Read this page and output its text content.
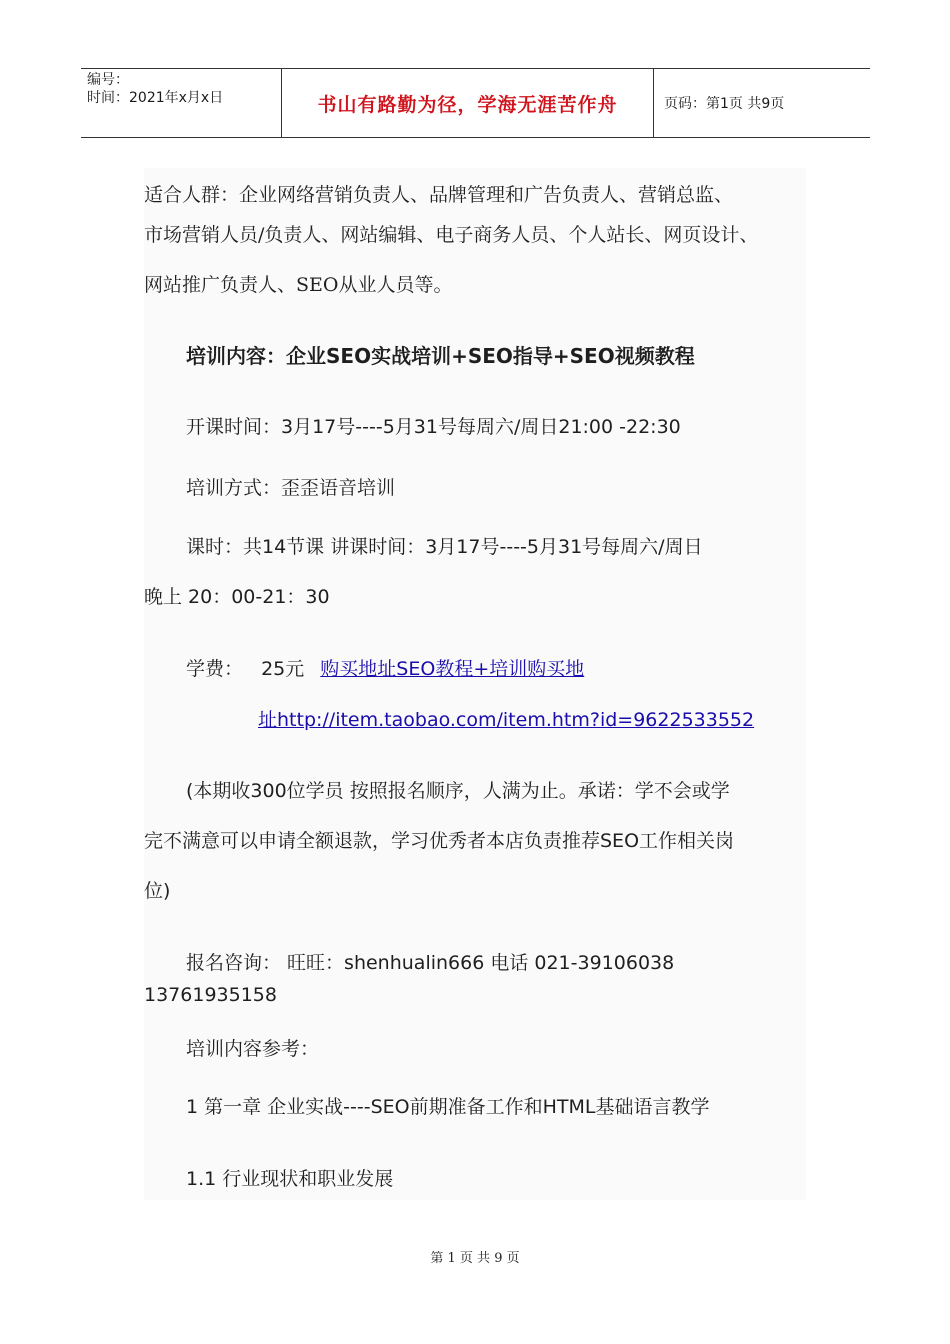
编号：
时间：2021年x月x日	书山有路勤为径，学海无涯苦作舟	页码：第1页 共9页
适合人群：企业网络营销负责人、品牌管理和广告负责人、营销总监、
市场营销人员/负责人、网站编辑、电子商务人员、个人站长、网页设计、
网站推广负责人、SEO从业人员等。
培训内容：企业SEO实战培训+SEO指导+SEO视频教程
开课时间：3月17号----5月31号每周六/周日21:00 -22:30
培训方式：歪歪语音培训
课时：共14节课 讲课时间：3月17号----5月31号每周六/周日
晚上 20：00-21：30
学费： 25元 购买地址SEO教程+培训购买地
址http://item.taobao.com/item.htm?id=9622533552
(本期收300位学员 按照报名顺序，人满为止。承诺：学不会或学
完不满意可以申请全额退款，学习优秀者本店负责推荐SEO工作相关岗
位)
报名咨询： 旺旺：shenhualin666 电话 021-39106038
13761935158
培训内容参考：
1 第一章 企业实战----SEO前期准备工作和HTML基础语言教学
1.1 行业现状和职业发展
第 1 页 共 9 页
